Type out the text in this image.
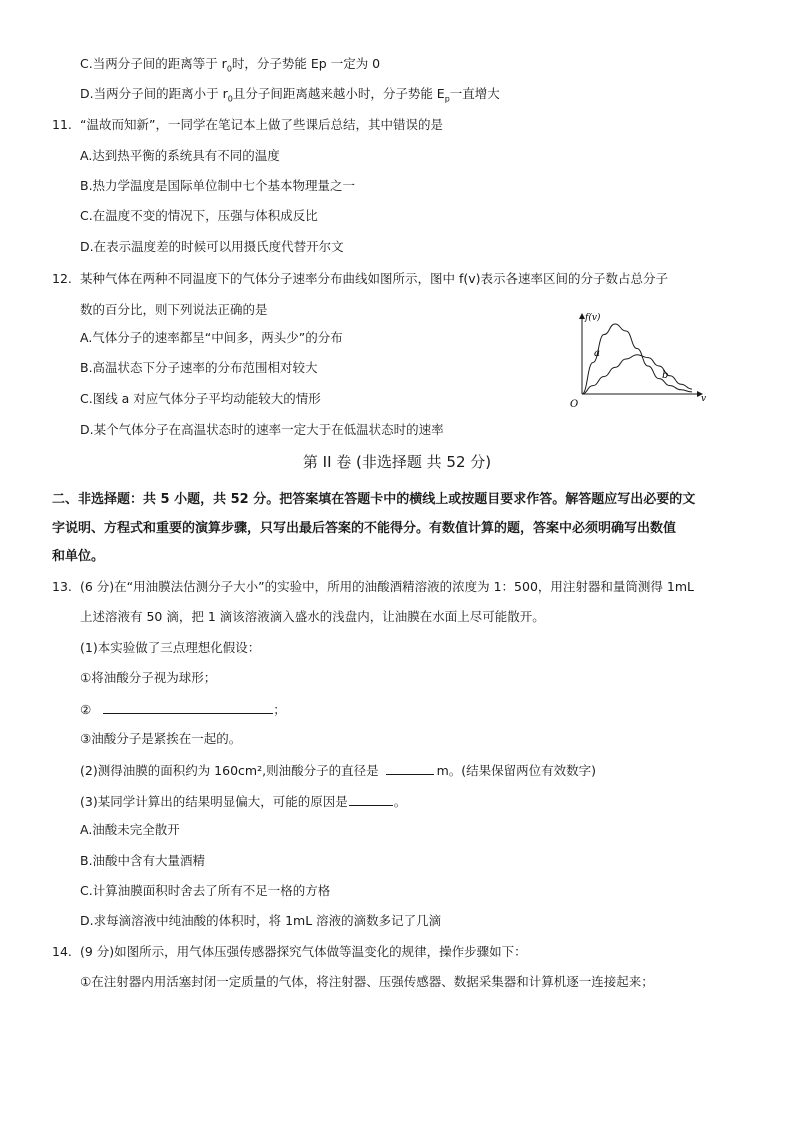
C.当两分子间的距离等于 $r_0$时，分子势能 Ep 一定为 0
D.当两分子间的距离小于 $r_0$且分子间距离越来越小时，分子势能 $E_p$一直增大
11. “温故而知新”，一同学在笔记本上做了些课后总结，其中错误的是
A.达到热平衡的系统具有不同的温度
B.热力学温度是国际单位制中七个基本物理量之一
C.在温度不变的情况下，压强与体积成反比
D.在表示温度差的时候可以用摄氏度代替开尔文
12. 某种气体在两种不同温度下的气体分子速率分布曲线如图所示，图中 f(v)表示各速率区间的分子数占总分子
数的百分比，则下列说法正确的是
A.气体分子的速率都呈“中间多，两头少”的分布
B.高温状态下分子速率的分布范围相对较大
C.图线 a 对应气体分子平均动能较大的情形
D.某个气体分子在高温状态时的速率一定大于在低温状态时的速率
f(v)
v
O
a
b
第 II 卷 (非选择题 共 52 分)
二、非选择题：共 5 小题，共 52 分。把答案填在答题卡中的横线上或按题目要求作答。解答题应写出必要的文
字说明、方程式和重要的演算步骤，只写出最后答案的不能得分。有数值计算的题，答案中必须明确写出数值
和单位。
13. (6 分)在“用油膜法估测分子大小”的实验中，所用的油酸酒精溶液的浓度为 1：500，用注射器和量筒测得 1mL
上述溶液有 50 滴，把 1 滴该溶液滴入盛水的浅盘内，让油膜在水面上尽可能散开。
(1)本实验做了三点理想化假设：
①将油酸分子视为球形；
②	；
③油酸分子是紧挨在一起的。
(2)测得油膜的面积约为 160cm²,则油酸分子的直径是	m。(结果保留两位有效数字)
(3)某同学计算出的结果明显偏大，可能的原因是	。
A.油酸未完全散开
B.油酸中含有大量酒精
C.计算油膜面积时舍去了所有不足一格的方格
D.求每滴溶液中纯油酸的体积时，将 1mL 溶液的滴数多记了几滴
14. (9 分)如图所示，用气体压强传感器探究气体做等温变化的规律，操作步骤如下：
①在注射器内用活塞封闭一定质量的气体，将注射器、压强传感器、数据采集器和计算机逐一连接起来；
